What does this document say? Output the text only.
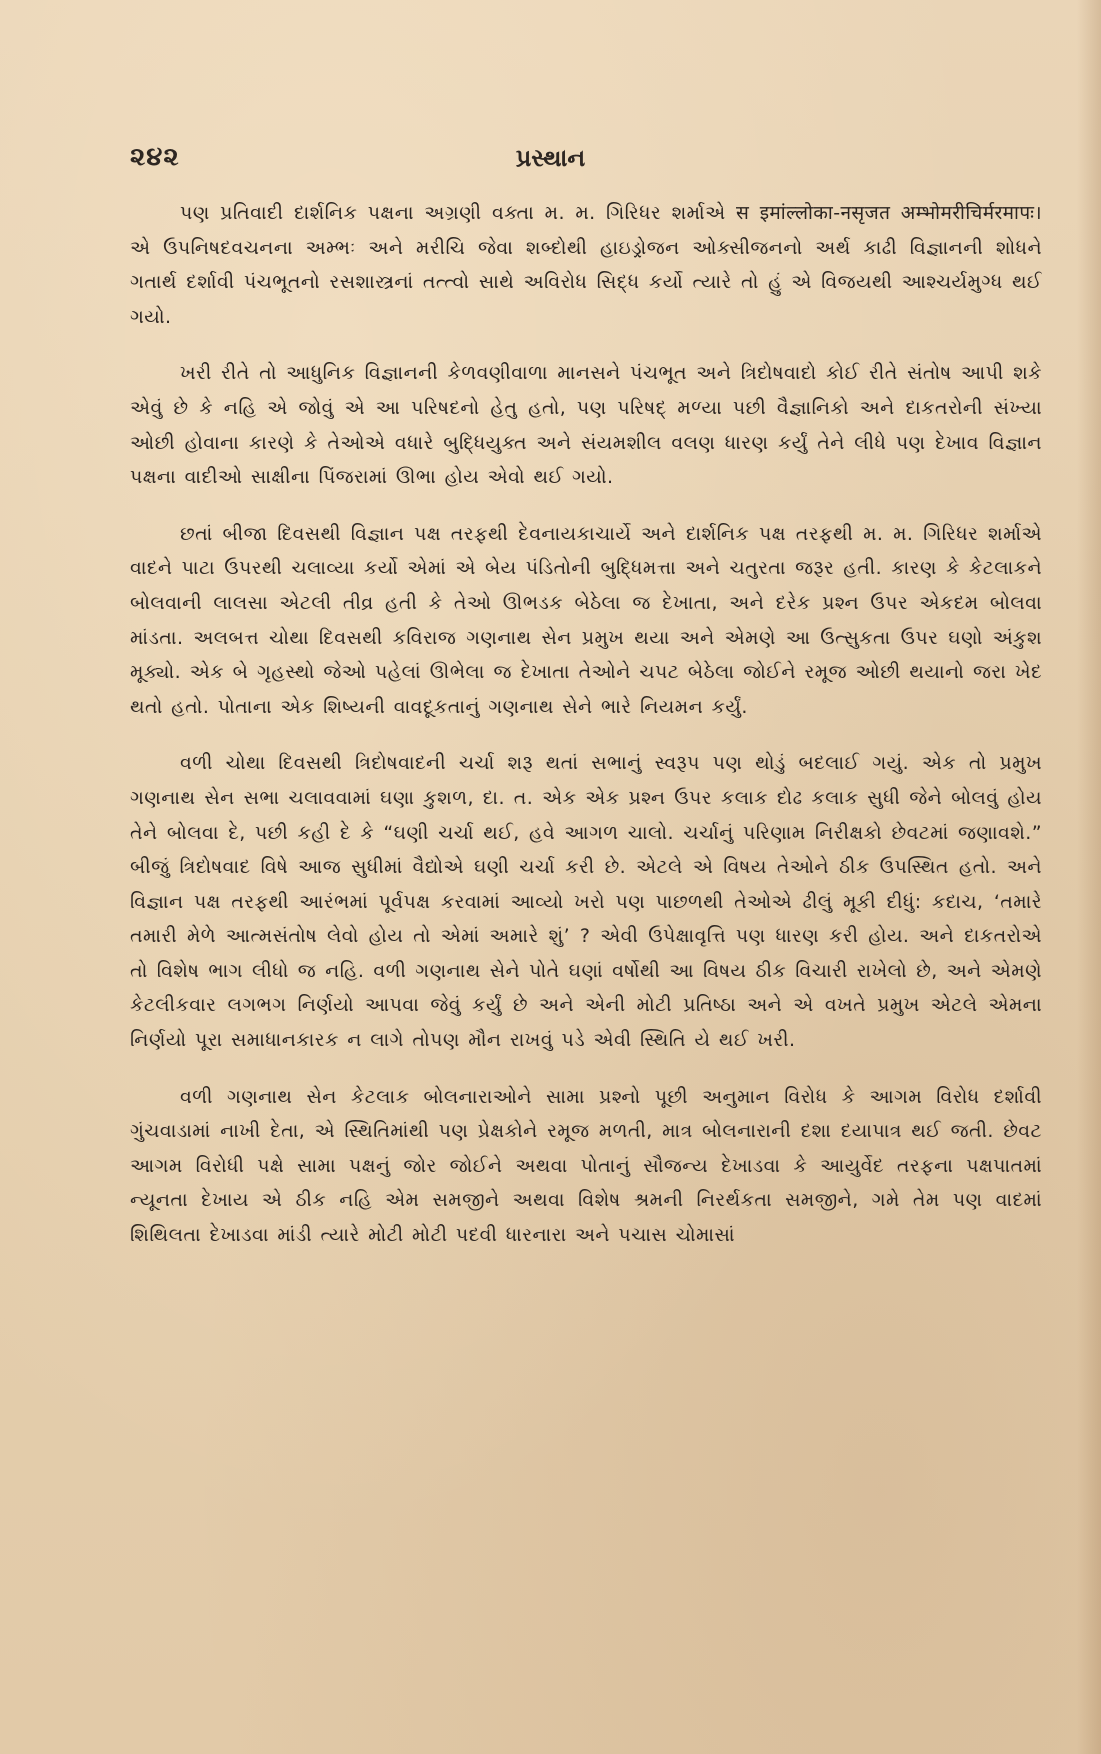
૨૪૨	પ્રસ્થાન

પણ પ્રતિવાદી દાર્શનિક પક્ષના અગ્રણી વક્તા મ. મ. ગિરિધર શર્માએ स इमांल्लोका-नसृजत अम्भोमरीचिर्मरमापः। એ ઉપનિષદવચનના અમ્ભઃ અને મરીચિ જેવા શબ્દોથી હાઇડ્રોજન ઓક્સીજનનો અર્થ કાઢી વિજ્ઞાનની શોધને ગતાર્થ દર્શાવી પંચભૂતનો રસશાસ્ત્રનાં તત્ત્વો સાથે અવિરોધ સિદ્ધ કર્યો ત્યારે તો હું એ વિજયથી આશ્ચર્યમુગ્ધ થઈ ગયો.

ખરી રીતે તો આધુનિક વિજ્ઞાનની કેળવણીવાળા માનસને પંચભૂત અને ત્રિદોષવાદો કોઈ રીતે સંતોષ આપી શકે એવું છે કે નહિ એ જોવું એ આ પરિષદનો હેતુ હતો, પણ પરિષદ્ મળ્યા પછી વૈજ્ઞાનિકો અને દાકતરોની સંખ્યા ઓછી હોવાના કારણે કે તેઓએ વધારે બુદ્ધિયુક્ત અને સંયમશીલ વલણ ધારણ કર્યું તેને લીધે પણ દેખાવ વિજ્ઞાન પક્ષના વાદીઓ સાક્ષીના પિંજરામાં ઊભા હોય એવો થઈ ગયો.

છતાં બીજા દિવસથી વિજ્ઞાન પક્ષ તરફથી દેવનાયકાચાર્યે અને દાર્શનિક પક્ષ તરફથી મ. મ. ગિરિધર શર્માએ વાદને પાટા ઉપરથી ચલાવ્યા કર્યો એમાં એ બેય પંડિતોની બુદ્ધિમત્તા અને ચતુરતા જરૂર હતી. કારણ કે કેટલાકને બોલવાની લાલસા એટલી તીવ્ર હતી કે તેઓ ઊભડક બેઠેલા જ દેખાતા, અને દરેક પ્રશ્ન ઉપર એકદમ બોલવા માંડતા. અલબત્ત ચોથા દિવસથી કવિરાજ ગણનાથ સેન પ્રમુખ થયા અને એમણે આ ઉત્સુકતા ઉપર ઘણો અંકુશ મૂક્યો. એક બે ગૃહસ્થો જેઓ પહેલાં ઊભેલા જ દેખાતા તેઓને ચપટ બેઠેલા જોઈને રમૂજ ઓછી થયાનો જરા ખેદ થતો હતો. પોતાના એક શિષ્યની વાવદૂકતાનું ગણનાથ સેને ભારે નિયમન કર્યું.

વળી ચોથા દિવસથી ત્રિદોષવાદની ચર્ચા શરૂ થતાં સભાનું સ્વરૂપ પણ થોડું બદલાઈ ગયું. એક તો પ્રમુખ ગણનાથ સેન સભા ચલાવવામાં ઘણા કુશળ, દા. ત. એક એક પ્રશ્ન ઉપર કલાક દોઢ કલાક સુધી જેને બોલવું હોય તેને બોલવા દે, પછી કહી દે કે “ઘણી ચર્ચા થઈ, હવે આગળ ચાલો. ચર્ચાનું પરિણામ નિરીક્ષકો છેવટમાં જણાવશે.” બીજું ત્રિદોષવાદ વિષે આજ સુધીમાં વૈદ્યોએ ઘણી ચર્ચા કરી છે. એટલે એ વિષય તેઓને ઠીક ઉપસ્થિત હતો. અને વિજ્ઞાન પક્ષ તરફથી આરંભમાં પૂર્વપક્ષ કરવામાં આવ્યો ખરો પણ પાછળથી તેઓએ ઢીલું મૂકી દીધું: કદાચ, ‘તમારે તમારી મેળે આત્મસંતોષ લેવો હોય તો એમાં અમારે શું’ ? એવી ઉપેક્ષાવૃત્તિ પણ ધારણ કરી હોય. અને દાકતરોએ તો વિશેષ ભાગ લીધો જ નહિ. વળી ગણનાથ સેને પોતે ઘણાં વર્ષોથી આ વિષય ઠીક વિચારી રાખેલો છે, અને એમણે કેટલીકવાર લગભગ નિર્ણયો આપવા જેવું કર્યું છે અને એની મોટી પ્રતિષ્ઠા અને એ વખતે પ્રમુખ એટલે એમના નિર્ણયો પૂરા સમાધાનકારક ન લાગે તોપણ મૌન રાખવું પડે એવી સ્થિતિ યે થઈ ખરી.

વળી ગણનાથ સેન કેટલાક બોલનારાઓને સામા પ્રશ્નો પૂછી અનુમાન વિરોધ કે આગમ વિરોધ દર્શાવી ગુંચવાડામાં નાખી દેતા, એ સ્થિતિમાંથી પણ પ્રેક્ષકોને રમૂજ મળતી, માત્ર બોલનારાની દશા દયાપાત્ર થઈ જતી. છેવટ આગમ વિરોધી પક્ષે સામા પક્ષનું જોર જોઈને અથવા પોતાનું સૌજન્ય દેખાડવા કે આયુર્વેદ તરફના પક્ષપાતમાં ન્યૂનતા દેખાય એ ઠીક નહિ એમ સમજીને અથવા વિશેષ શ્રમની નિરર્થકતા સમજીને, ગમે તેમ પણ વાદમાં શિથિલતા દેખાડવા માંડી ત્યારે મોટી મોટી પદવી ધારનારા અને પચાસ ચોમાસાં
